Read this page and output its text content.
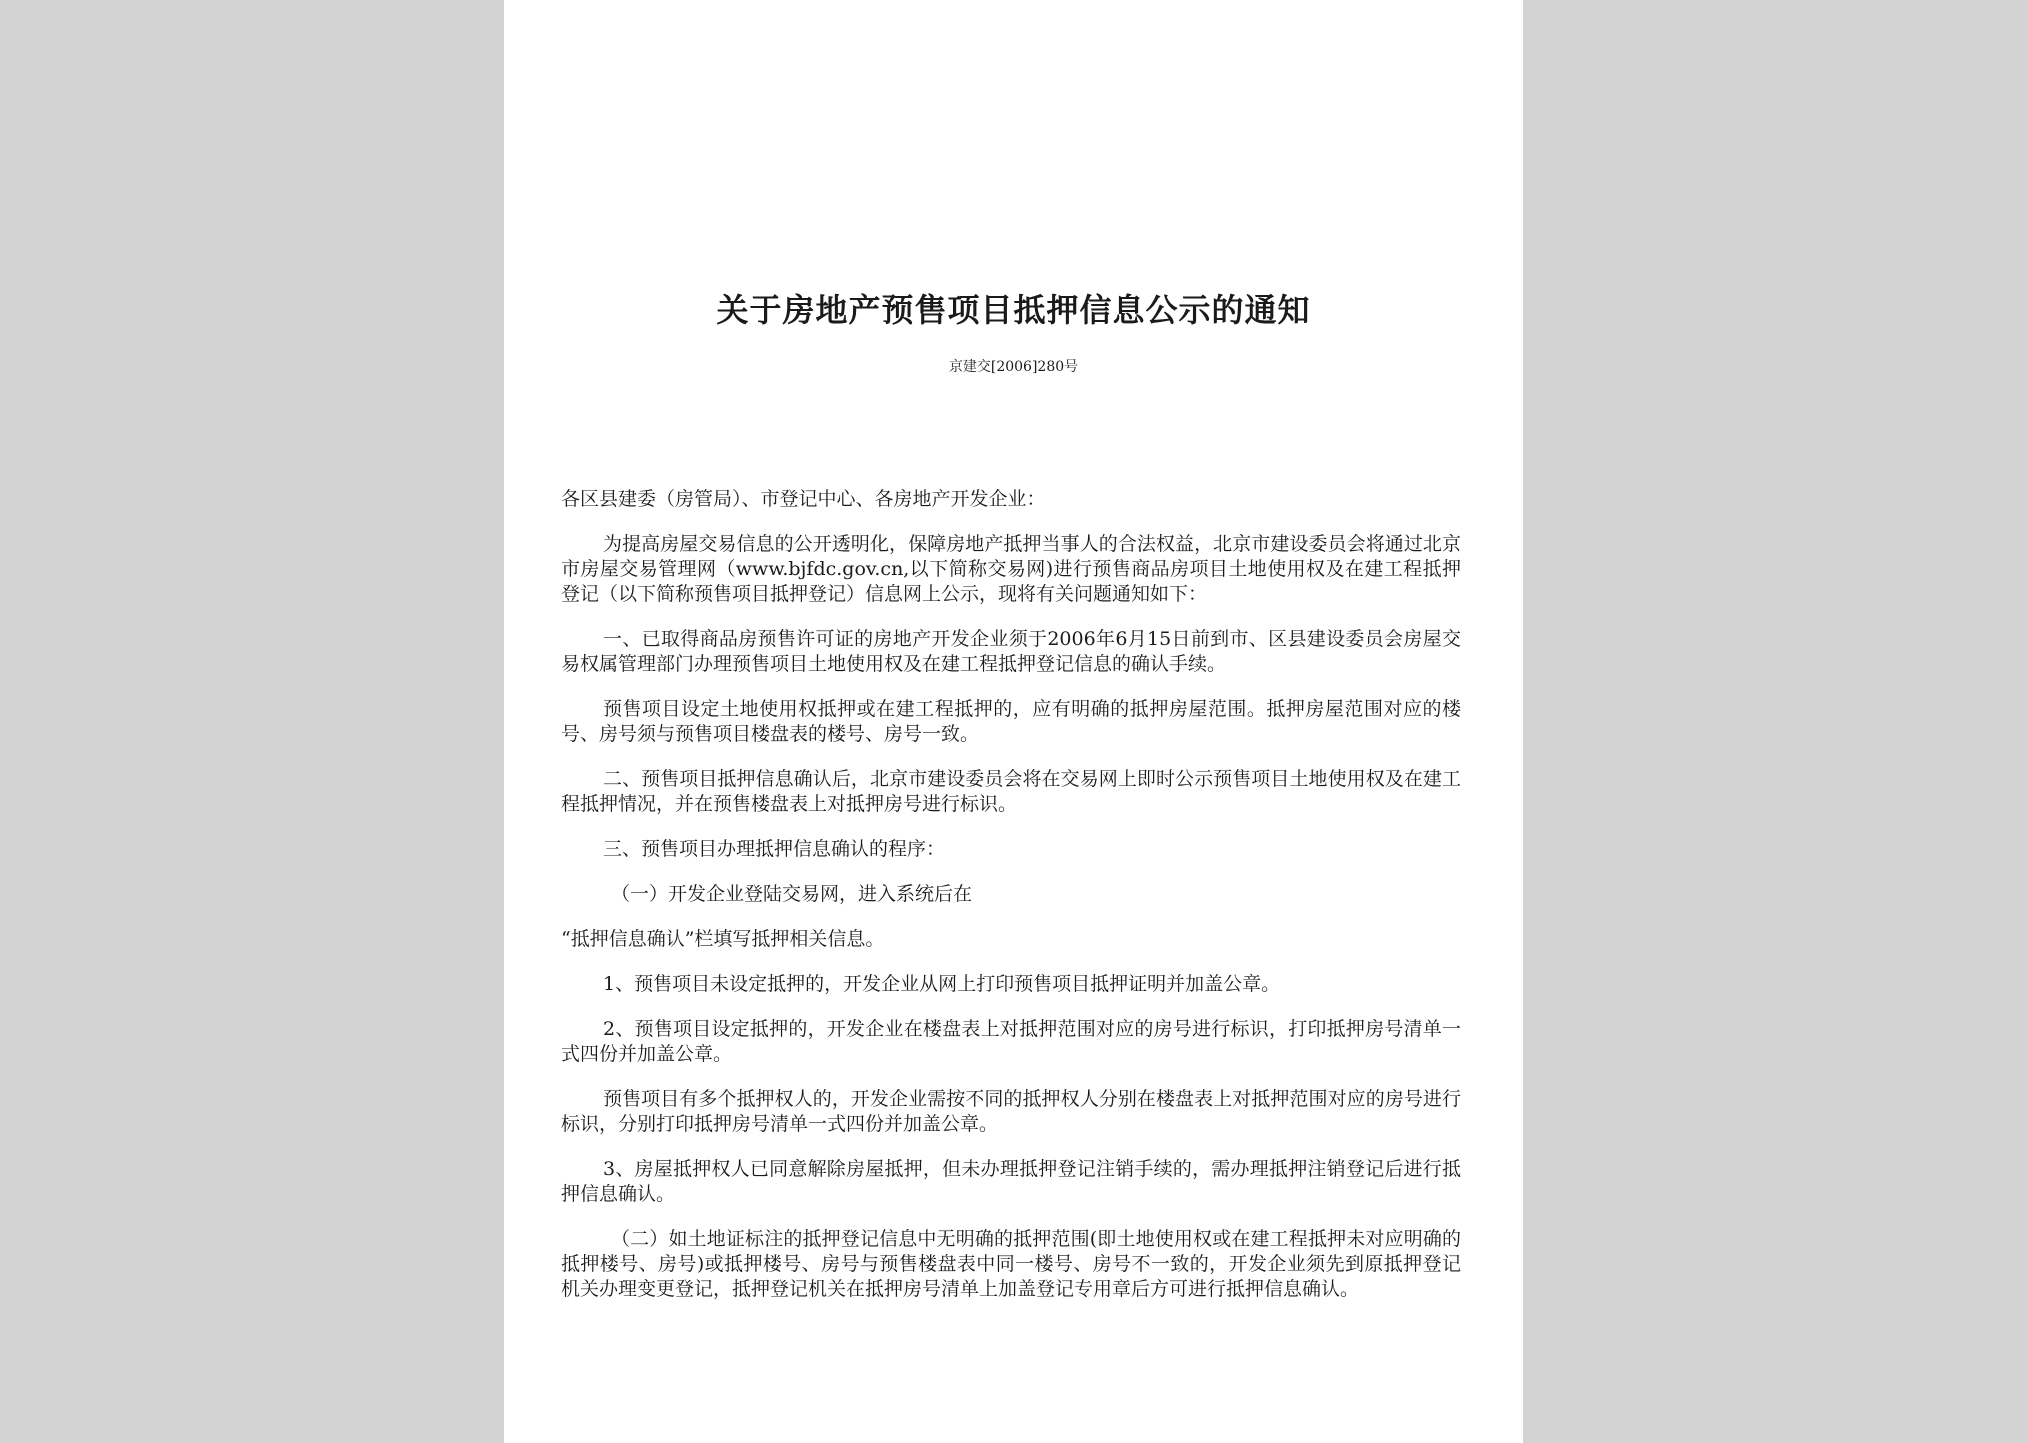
关于房地产预售项目抵押信息公示的通知
京建交[2006]280号

各区县建委（房管局）、市登记中心、各房地产开发企业：

为提高房屋交易信息的公开透明化，保障房地产抵押当事人的合法权益，北京市建设委员会将通过北京市房屋交易管理网（www.bjfdc.gov.cn,以下简称交易网)进行预售商品房项目土地使用权及在建工程抵押登记（以下简称预售项目抵押登记）信息网上公示，现将有关问题通知如下：

一、已取得商品房预售许可证的房地产开发企业须于2006年6月15日前到市、区县建设委员会房屋交易权属管理部门办理预售项目土地使用权及在建工程抵押登记信息的确认手续。

预售项目设定土地使用权抵押或在建工程抵押的，应有明确的抵押房屋范围。抵押房屋范围对应的楼号、房号须与预售项目楼盘表的楼号、房号一致。

二、预售项目抵押信息确认后，北京市建设委员会将在交易网上即时公示预售项目土地使用权及在建工程抵押情况，并在预售楼盘表上对抵押房号进行标识。

三、预售项目办理抵押信息确认的程序：

（一）开发企业登陆交易网，进入系统后在

“抵押信息确认”栏填写抵押相关信息。

1、预售项目未设定抵押的，开发企业从网上打印预售项目抵押证明并加盖公章。

2、预售项目设定抵押的，开发企业在楼盘表上对抵押范围对应的房号进行标识，打印抵押房号清单一式四份并加盖公章。

预售项目有多个抵押权人的，开发企业需按不同的抵押权人分别在楼盘表上对抵押范围对应的房号进行标识，分别打印抵押房号清单一式四份并加盖公章。

3、房屋抵押权人已同意解除房屋抵押，但未办理抵押登记注销手续的，需办理抵押注销登记后进行抵押信息确认。

（二）如土地证标注的抵押登记信息中无明确的抵押范围(即土地使用权或在建工程抵押未对应明确的抵押楼号、房号)或抵押楼号、房号与预售楼盘表中同一楼号、房号不一致的，开发企业须先到原抵押登记机关办理变更登记，抵押登记机关在抵押房号清单上加盖登记专用章后方可进行抵押信息确认。
